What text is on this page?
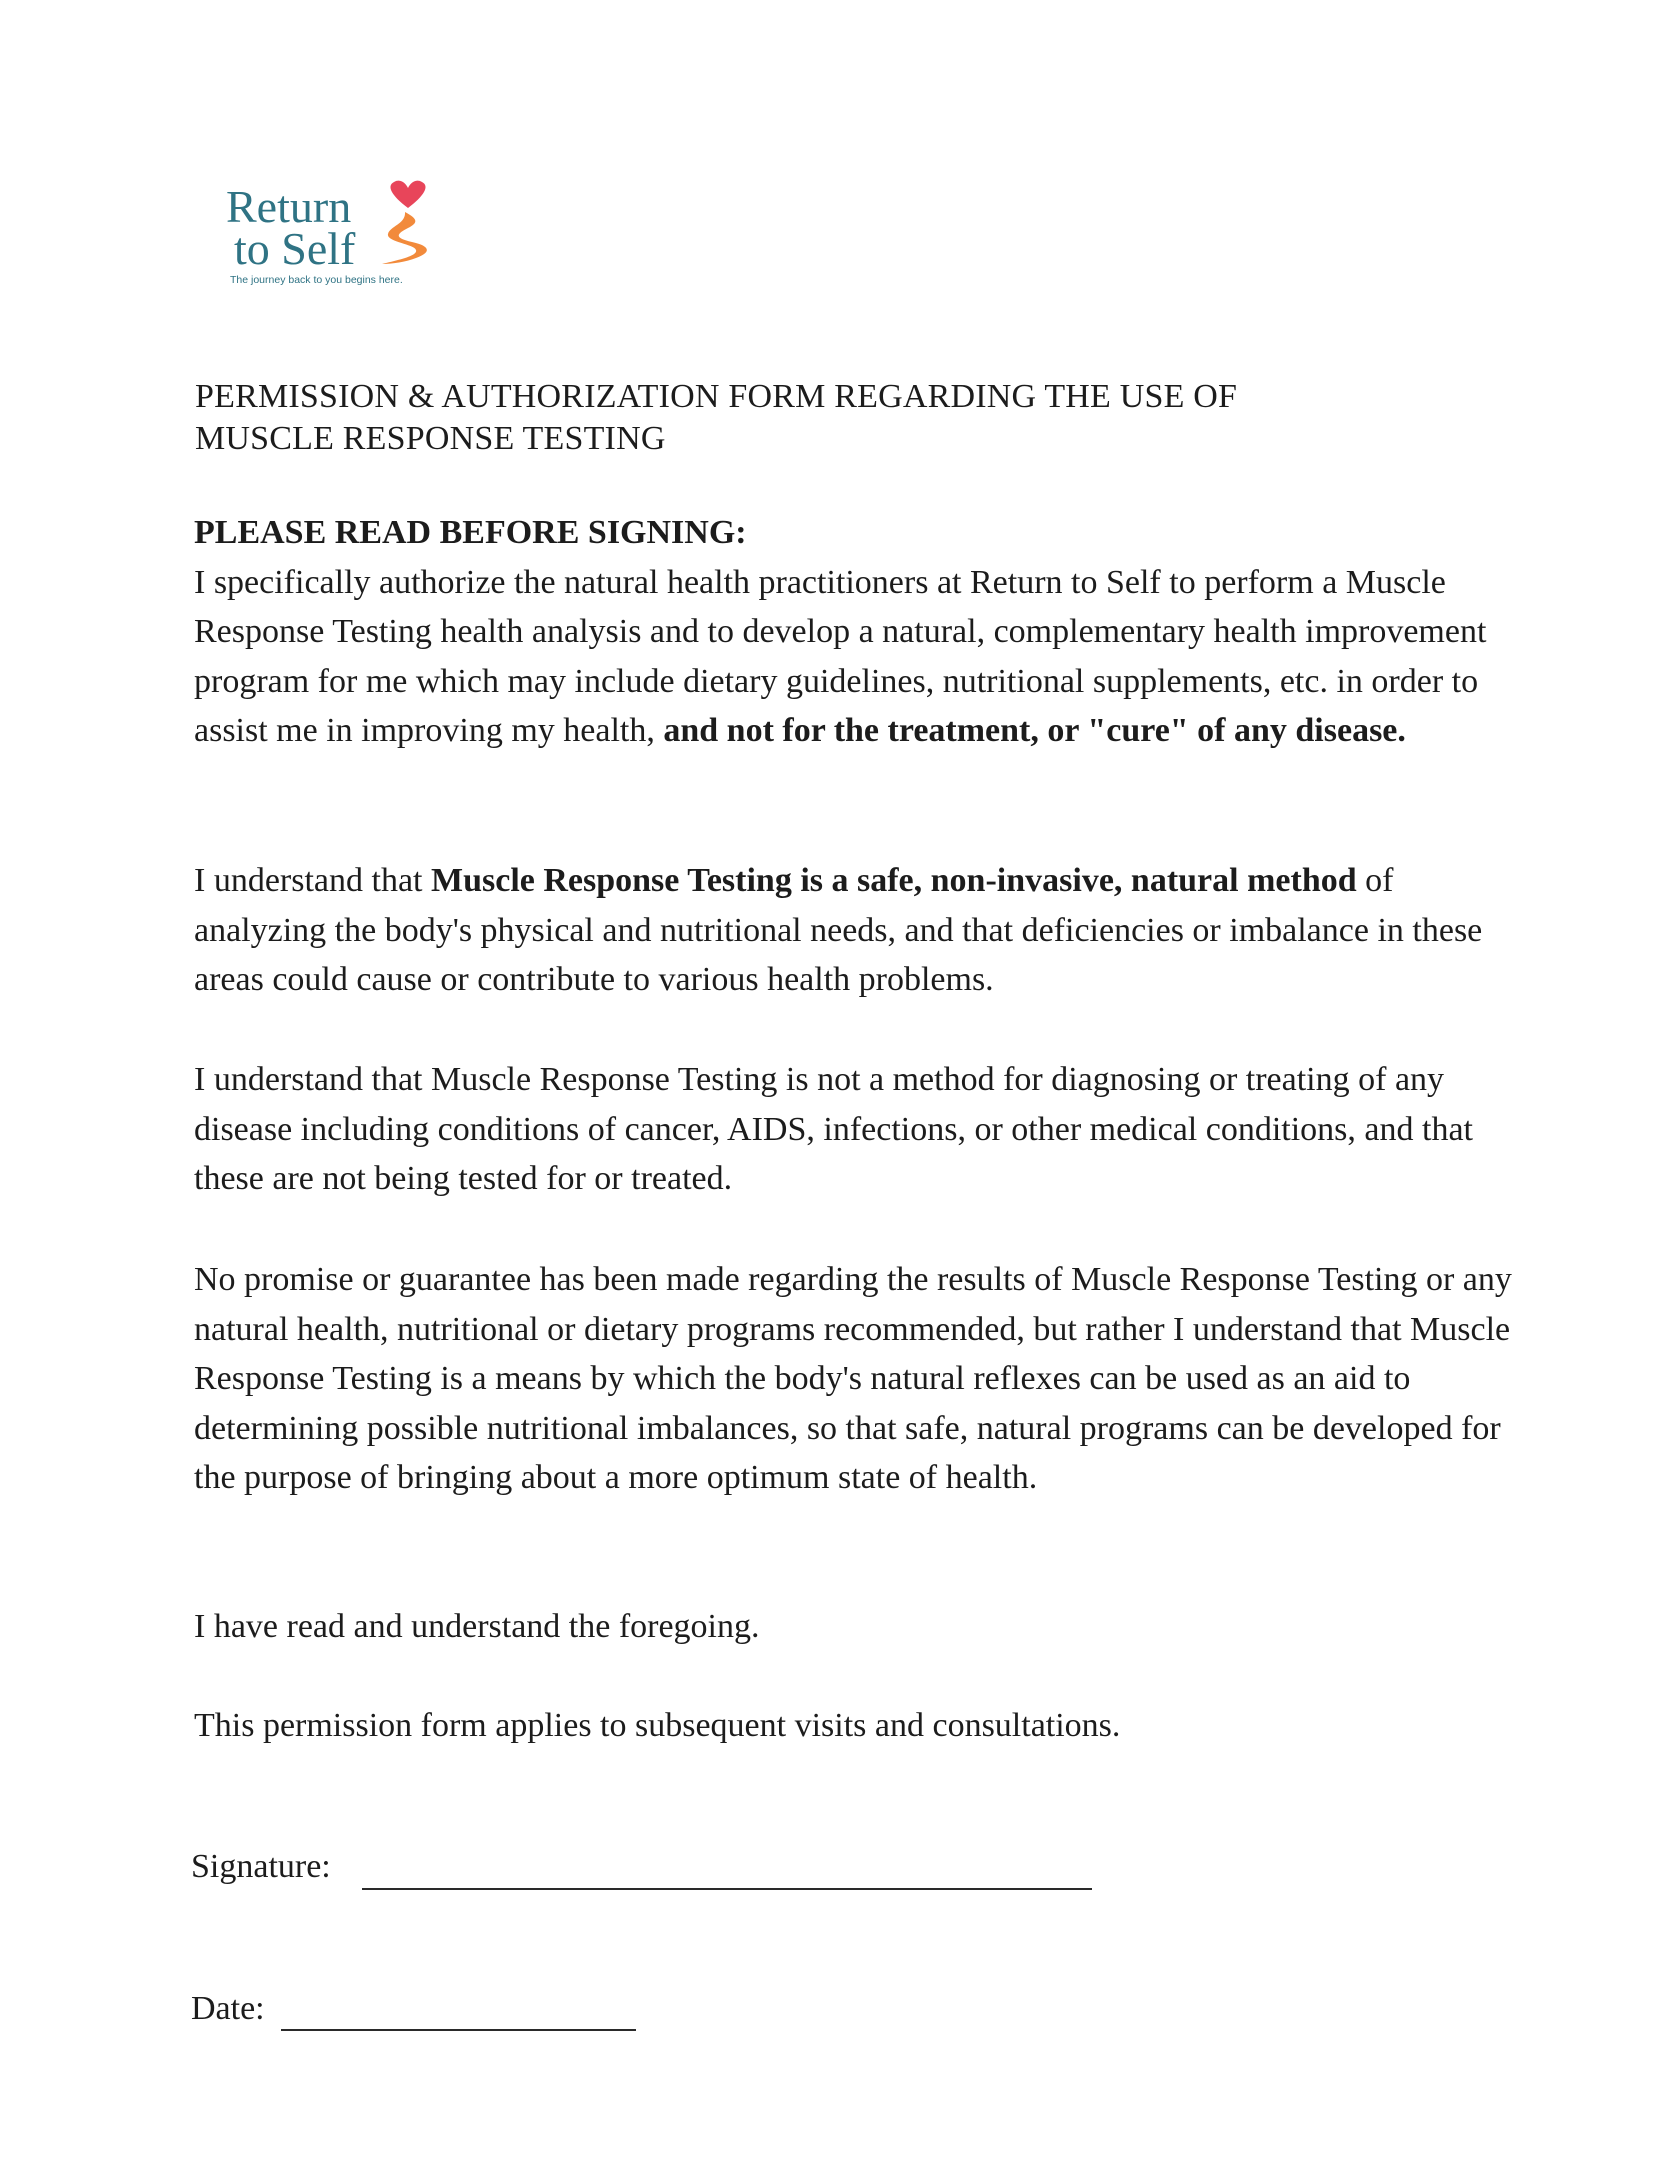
Return
to Self
The journey back to you begins here.
PERMISSION & AUTHORIZATION FORM REGARDING THE USE OF
MUSCLE RESPONSE TESTING
PLEASE READ BEFORE SIGNING:

I specifically authorize the natural health practitioners at Return to Self to perform a Muscle Response Testing health analysis and to develop a natural, complementary health improvement program for me which may include dietary guidelines, nutritional supplements, etc. in order to assist me in improving my health, and not for the treatment, or "cure" of any disease.

I understand that Muscle Response Testing is a safe, non-invasive, natural method of analyzing the body's physical and nutritional needs, and that deficiencies or imbalance in these areas could cause or contribute to various health problems.

I understand that Muscle Response Testing is not a method for diagnosing or treating of any disease including conditions of cancer, AIDS, infections, or other medical conditions, and that these are not being tested for or treated.

No promise or guarantee has been made regarding the results of Muscle Response Testing or any natural health, nutritional or dietary programs recommended, but rather I understand that Muscle Response Testing is a means by which the body's natural reflexes can be used as an aid to determining possible nutritional imbalances, so that safe, natural programs can be developed for the purpose of bringing about a more optimum state of health.

I have read and understand the foregoing.

This permission form applies to subsequent visits and consultations.

Signature:
Date:
